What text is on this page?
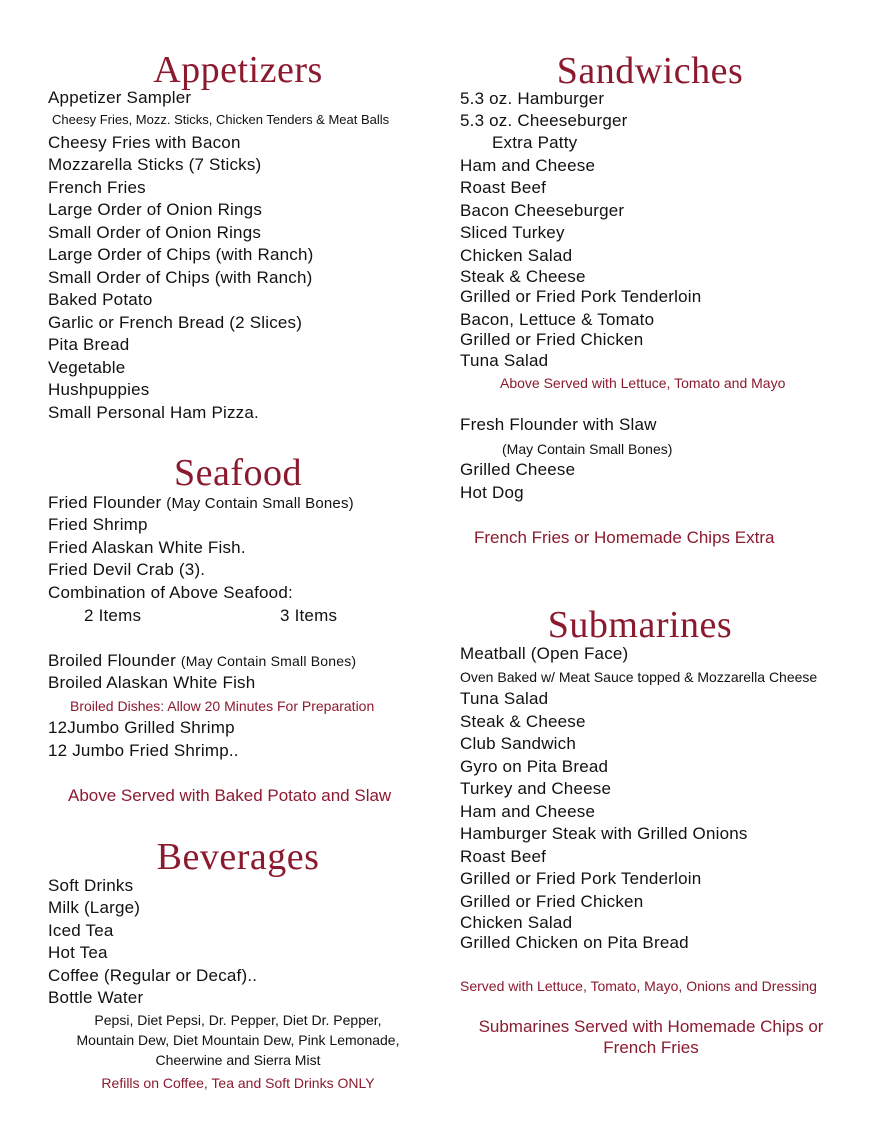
Appetizers
Appetizer Sampler
Cheesy Fries, Mozz. Sticks, Chicken Tenders & Meat Balls
Cheesy Fries with Bacon
Mozzarella Sticks (7 Sticks)
French Fries
Large Order of Onion Rings
Small Order of Onion Rings
Large Order of Chips (with Ranch)
Small Order of Chips (with Ranch)
Baked Potato
Garlic or French Bread (2 Slices)
Pita Bread
Vegetable
Hushpuppies
Small Personal Ham Pizza.
Seafood
Fried Flounder (May Contain Small Bones)
Fried Shrimp
Fried Alaskan White Fish.
Fried Devil Crab (3).
Combination of Above Seafood:
2 Items	3 Items
Broiled Flounder (May Contain Small Bones)
Broiled Alaskan White Fish
Broiled Dishes: Allow 20 Minutes For Preparation
12Jumbo Grilled Shrimp
12 Jumbo Fried Shrimp..
Above Served with Baked Potato and Slaw
Beverages
Soft Drinks
Milk (Large)
Iced Tea
Hot Tea
Coffee (Regular or Decaf)..
Bottle Water
Pepsi, Diet Pepsi, Dr. Pepper, Diet Dr. Pepper,
Mountain Dew, Diet Mountain Dew, Pink Lemonade,
Cheerwine and Sierra Mist
Refills on Coffee, Tea and Soft Drinks ONLY
Sandwiches
5.3 oz. Hamburger
5.3 oz. Cheeseburger
Extra Patty
Ham and Cheese
Roast Beef
Bacon Cheeseburger
Sliced Turkey
Chicken Salad
Steak & Cheese
Grilled or Fried Pork Tenderloin
Bacon, Lettuce & Tomato
Grilled or Fried Chicken
Tuna Salad
Above Served with Lettuce, Tomato and Mayo
Fresh Flounder with Slaw
(May Contain Small Bones)
Grilled Cheese
Hot Dog
French Fries or Homemade Chips Extra
Submarines
Meatball (Open Face)
Oven Baked w/ Meat Sauce topped & Mozzarella Cheese
Tuna Salad
Steak & Cheese
Club Sandwich
Gyro on Pita Bread
Turkey and Cheese
Ham and Cheese
Hamburger Steak with Grilled Onions
Roast Beef
Grilled or Fried Pork Tenderloin
Grilled or Fried Chicken
Chicken Salad
Grilled Chicken on Pita Bread
Served with Lettuce, Tomato, Mayo, Onions and Dressing
Submarines Served with Homemade Chips or
French Fries
